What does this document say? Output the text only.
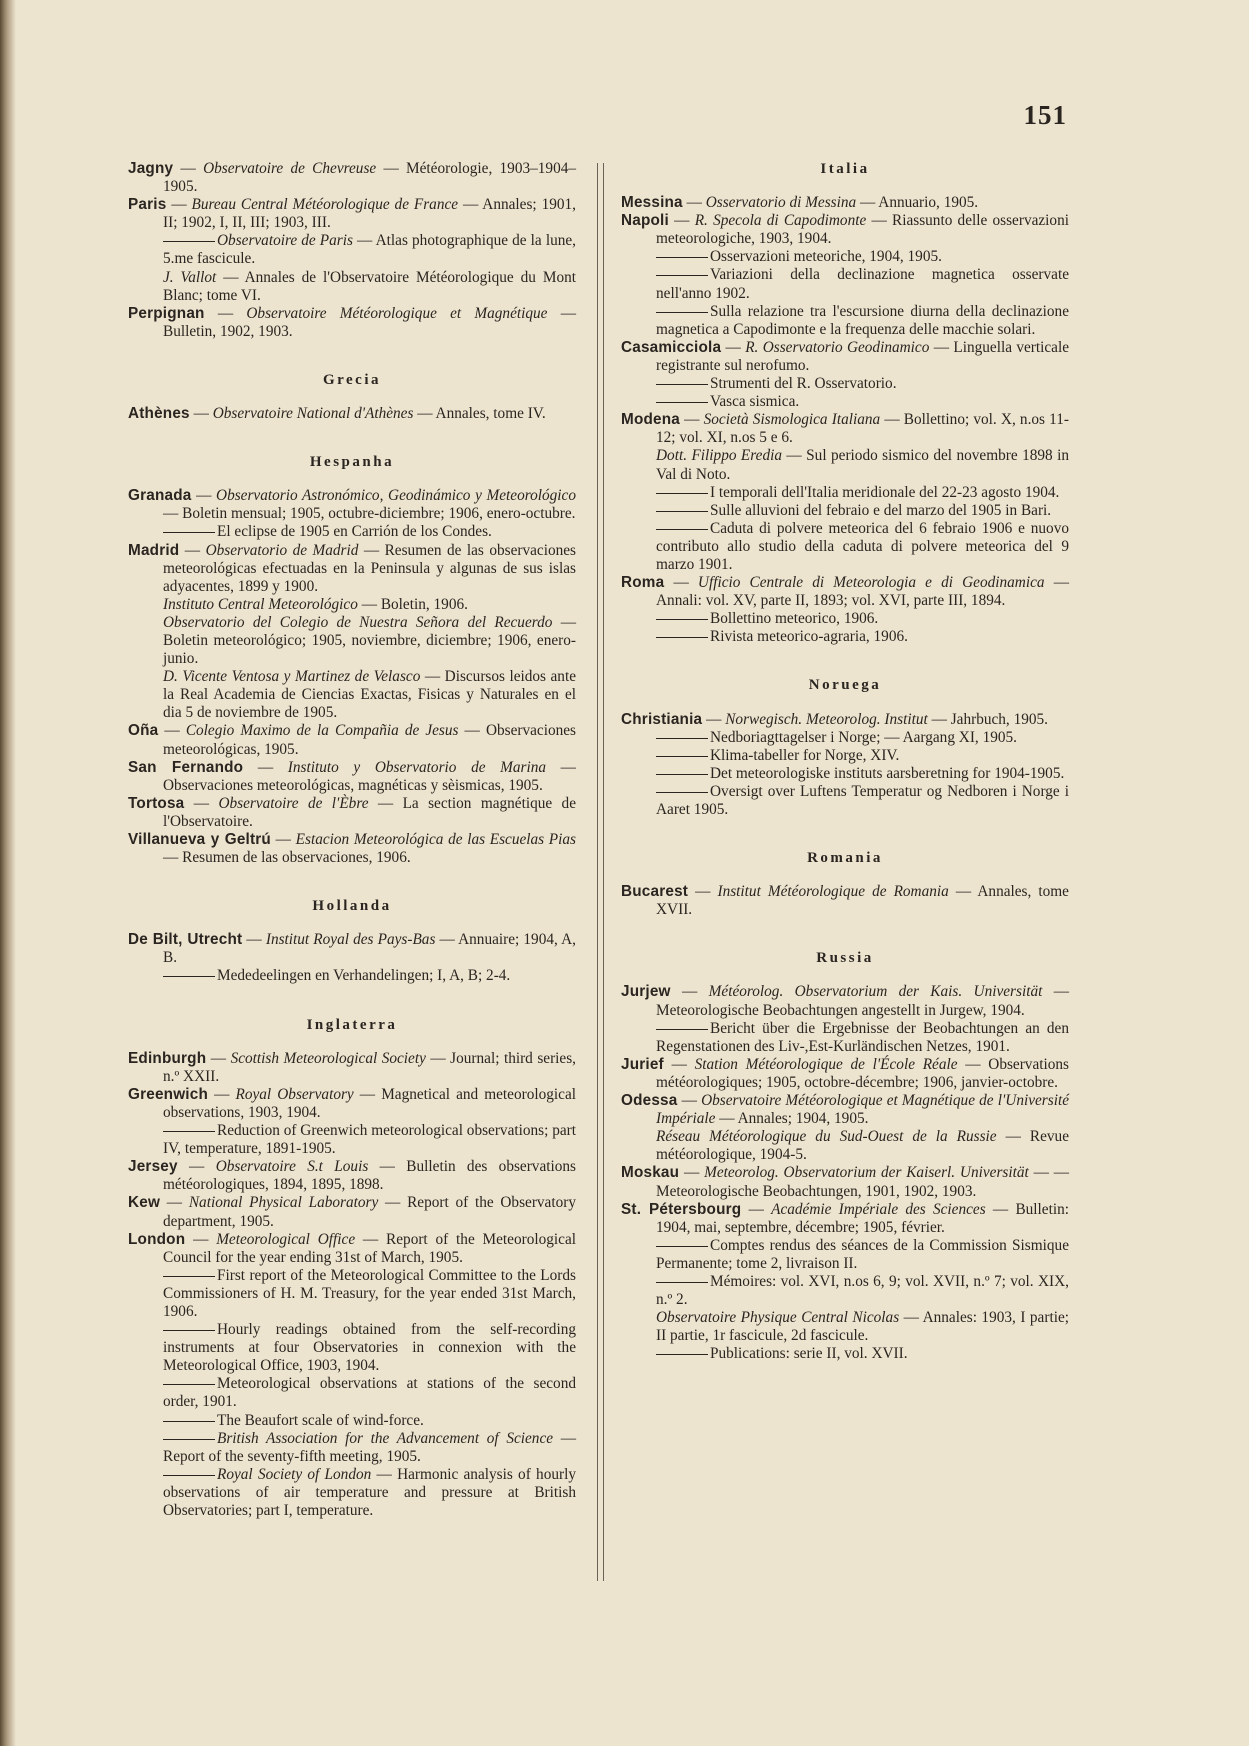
151

Jagny — Observatoire de Chevreuse — Météorologie, 1903–1904–1905.

Paris — Bureau Central Météorologique de France — Annales; 1901, II; 1902, I, II, III; 1903, III.

Observatoire de Paris — Atlas photographique de la lune, 5.me fascicule.

J. Vallot — Annales de l'Observatoire Météorologique du Mont Blanc; tome VI.

Perpignan — Observatoire Météorologique et Magnétique — Bulletin, 1902, 1903.

Grecia

Athènes — Observatoire National d'Athènes — Annales, tome IV.

Hespanha

Granada — Observatorio Astronómico, Geodinámico y Meteorológico — Boletin mensual; 1905, octubre-diciembre; 1906, enero-octubre.

El eclipse de 1905 en Carrión de los Condes.

Madrid — Observatorio de Madrid — Resumen de las observaciones meteorológicas efectuadas en la Peninsula y algunas de sus islas adyacentes, 1899 y 1900.

Instituto Central Meteorológico — Boletin, 1906.

Observatorio del Colegio de Nuestra Señora del Recuerdo — Boletin meteorológico; 1905, noviembre, diciembre; 1906, enero-junio.

D. Vicente Ventosa y Martinez de Velasco — Discursos leidos ante la Real Academia de Ciencias Exactas, Fisicas y Naturales en el dia 5 de noviembre de 1905.

Oña — Colegio Maximo de la Compañia de Jesus — Observaciones meteorológicas, 1905.

San Fernando — Instituto y Observatorio de Marina — Observaciones meteorológicas, magnéticas y sèismicas, 1905.

Tortosa — Observatoire de l'Èbre — La section magnétique de l'Observatoire.

Villanueva y Geltrú — Estacion Meteorológica de las Escuelas Pias — Resumen de las observaciones, 1906.

Hollanda

De Bilt, Utrecht — Institut Royal des Pays-Bas — Annuaire; 1904, A, B.

Mededeelingen en Verhandelingen; I, A, B; 2-4.

Inglaterra

Edinburgh — Scottish Meteorological Society — Journal; third series, n.º XXII.

Greenwich — Royal Observatory — Magnetical and meteorological observations, 1903, 1904.

Reduction of Greenwich meteorological observations; part IV, temperature, 1891-1905.

Jersey — Observatoire S.t Louis — Bulletin des observations météorologiques, 1894, 1895, 1898.

Kew — National Physical Laboratory — Report of the Observatory department, 1905.

London — Meteorological Office — Report of the Meteorological Council for the year ending 31st of March, 1905.

First report of the Meteorological Committee to the Lords Commissioners of H. M. Treasury, for the year ended 31st March, 1906.

Hourly readings obtained from the self-recording instruments at four Observatories in connexion with the Meteorological Office, 1903, 1904.

Meteorological observations at stations of the second order, 1901.

The Beaufort scale of wind-force.

British Association for the Advancement of Science — Report of the seventy-fifth meeting, 1905.

Royal Society of London — Harmonic analysis of hourly observations of air temperature and pressure at British Observatories; part I, temperature.

Italia

Messina — Osservatorio di Messina — Annuario, 1905.

Napoli — R. Specola di Capodimonte — Riassunto delle osservazioni meteorologiche, 1903, 1904.

Osservazioni meteoriche, 1904, 1905.

Variazioni della declinazione magnetica osservate nell'anno 1902.

Sulla relazione tra l'escursione diurna della declinazione magnetica a Capodimonte e la frequenza delle macchie solari.

Casamicciola — R. Osservatorio Geodinamico — Linguella verticale registrante sul nerofumo.

Strumenti del R. Osservatorio.

Vasca sismica.

Modena — Società Sismologica Italiana — Bollettino; vol. X, n.os 11-12; vol. XI, n.os 5 e 6.

Dott. Filippo Eredia — Sul periodo sismico del novembre 1898 in Val di Noto.

I temporali dell'Italia meridionale del 22-23 agosto 1904.

Sulle alluvioni del febraio e del marzo del 1905 in Bari.

Caduta di polvere meteorica del 6 febraio 1906 e nuovo contributo allo studio della caduta di polvere meteorica del 9 marzo 1901.

Roma — Ufficio Centrale di Meteorologia e di Geodinamica — Annali: vol. XV, parte II, 1893; vol. XVI, parte III, 1894.

Bollettino meteorico, 1906.

Rivista meteorico-agraria, 1906.

Noruega

Christiania — Norwegisch. Meteorolog. Institut — Jahrbuch, 1905.

Nedboriagttagelser i Norge; — Aargang XI, 1905.

Klima-tabeller for Norge, XIV.

Det meteorologiske instituts aarsberetning for 1904-1905.

Oversigt over Luftens Temperatur og Nedboren i Norge i Aaret 1905.

Romania

Bucarest — Institut Météorologique de Romania — Annales, tome XVII.

Russia

Jurjew — Météorolog. Observatorium der Kais. Universität — Meteorologische Beobachtungen angestellt in Jurgew, 1904.

Bericht über die Ergebnisse der Beobachtungen an den Regenstationen des Liv-,Est-Kurländischen Netzes, 1901.

Jurief — Station Météorologique de l'École Réale — Observations météorologiques; 1905, octobre-décembre; 1906, janvier-octobre.

Odessa — Observatoire Météorologique et Magnétique de l'Université Impériale — Annales; 1904, 1905.

Réseau Météorologique du Sud-Ouest de la Russie — Revue météorologique, 1904-5.

Moskau — Meteorolog. Observatorium der Kaiserl. Universität — — Meteorologische Beobachtungen, 1901, 1902, 1903.

St. Pétersbourg — Académie Impériale des Sciences — Bulletin: 1904, mai, septembre, décembre; 1905, février.

Comptes rendus des séances de la Commission Sismique Permanente; tome 2, livraison II.

Mémoires: vol. XVI, n.os 6, 9; vol. XVII, n.º 7; vol. XIX, n.º 2.

Observatoire Physique Central Nicolas — Annales: 1903, I partie; II partie, 1r fascicule, 2d fascicule.

Publications: serie II, vol. XVII.
